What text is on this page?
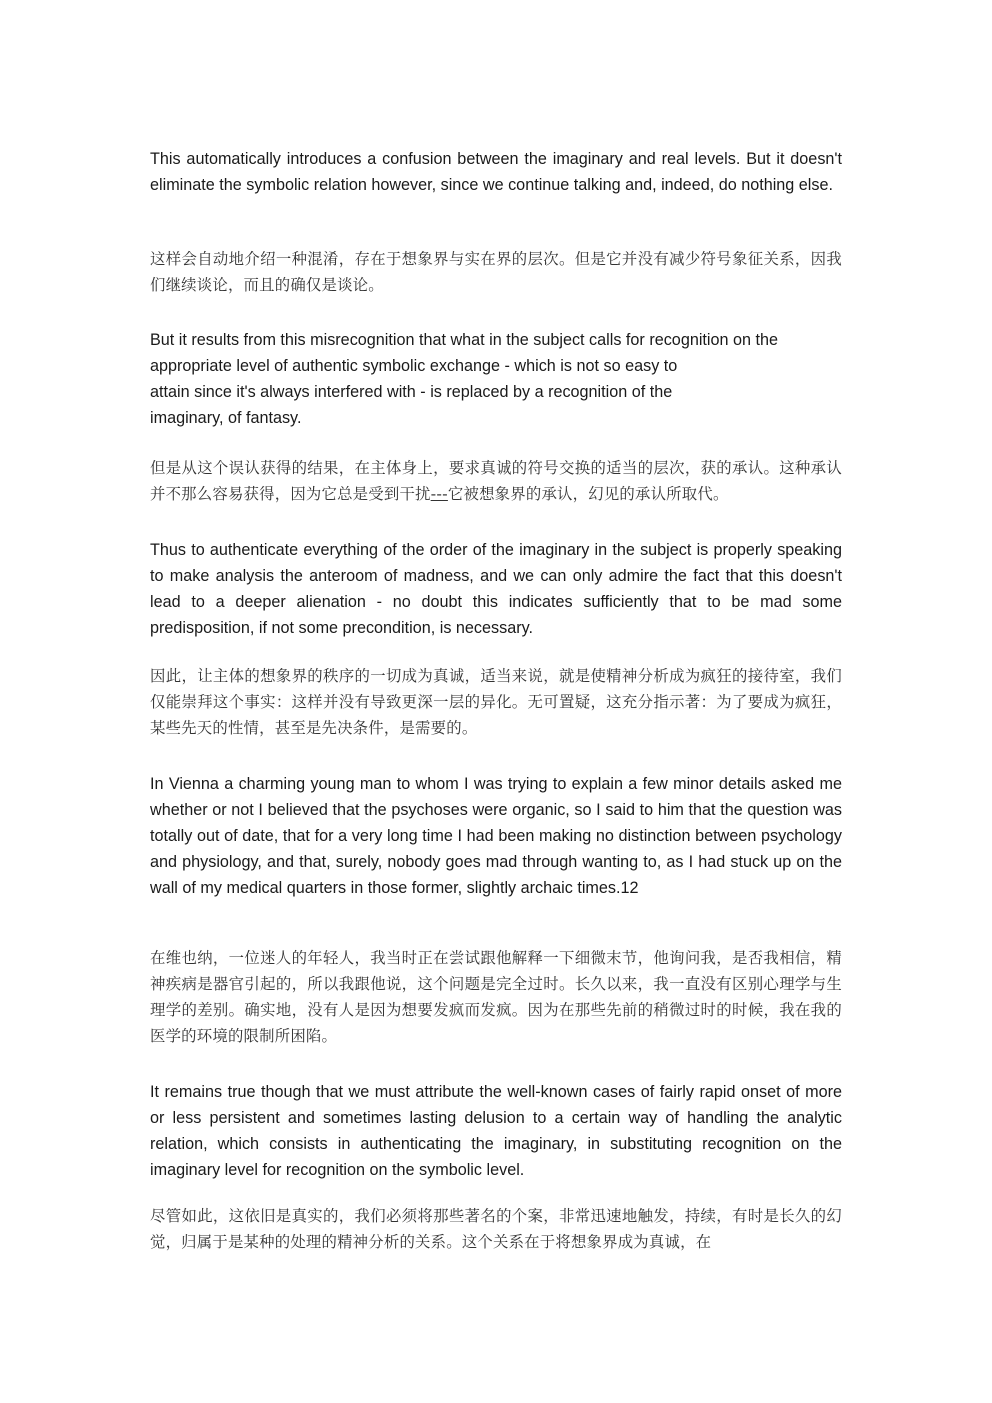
This automatically introduces a confusion between the imaginary and real levels. But it doesn't eliminate the symbolic relation however, since we continue talking and, indeed, do nothing else.

这样会自动地介绍一种混淆，存在于想象界与实在界的层次。但是它并没有减少符号象征关系，因我们继续谈论，而且的确仅是谈论。

But it results from this misrecognition that what in the subject calls for recognition on the
appropriate level of authentic symbolic exchange - which is not so easy to
attain since it's always interfered with - is replaced by a recognition of the
imaginary, of fantasy.

但是从这个误认获得的结果，在主体身上，要求真诚的符号交换的适当的层次，获的承认。这种承认并不那么容易获得，因为它总是受到干扰---它被想象界的承认，幻见的承认所取代。

Thus to authenticate everything of the order of the imaginary in the subject is properly speaking to make analysis the anteroom of madness, and we can only admire the fact that this doesn't lead to a deeper alienation - no doubt this indicates sufficiently that to be mad some predisposition, if not some precondition, is necessary.

因此，让主体的想象界的秩序的一切成为真诚，适当来说，就是使精神分析成为疯狂的接待室，我们仅能崇拜这个事实：这样并没有导致更深一层的异化。无可置疑，这充分指示著：为了要成为疯狂，某些先天的性情，甚至是先决条件，是需要的。

In Vienna a charming young man to whom I was trying to explain a few minor details asked me whether or not I believed that the psychoses were organic, so I said to him that the question was totally out of date, that for a very long time I had been making no distinction between psychology and physiology, and that, surely, nobody goes mad through wanting to, as I had stuck up on the wall of my medical quarters in those former, slightly archaic times.12

在维也纳，一位迷人的年轻人，我当时正在尝试跟他解释一下细微末节，他询问我，是否我相信，精神疾病是器官引起的，所以我跟他说，这个问题是完全过时。长久以来，我一直没有区别心理学与生理学的差别。确实地，没有人是因为想要发疯而发疯。因为在那些先前的稍微过时的时候，我在我的医学的环境的限制所困陷。

It remains true though that we must attribute the well-known cases of fairly rapid onset of more or less persistent and sometimes lasting delusion to a certain way of handling the analytic relation, which consists in authenticating the imaginary, in substituting recognition on the imaginary level for recognition on the symbolic level.

尽管如此，这依旧是真实的，我们必须将那些著名的个案，非常迅速地触发，持续，有时是长久的幻觉，归属于是某种的处理的精神分析的关系。这个关系在于将想象界成为真诚，在
